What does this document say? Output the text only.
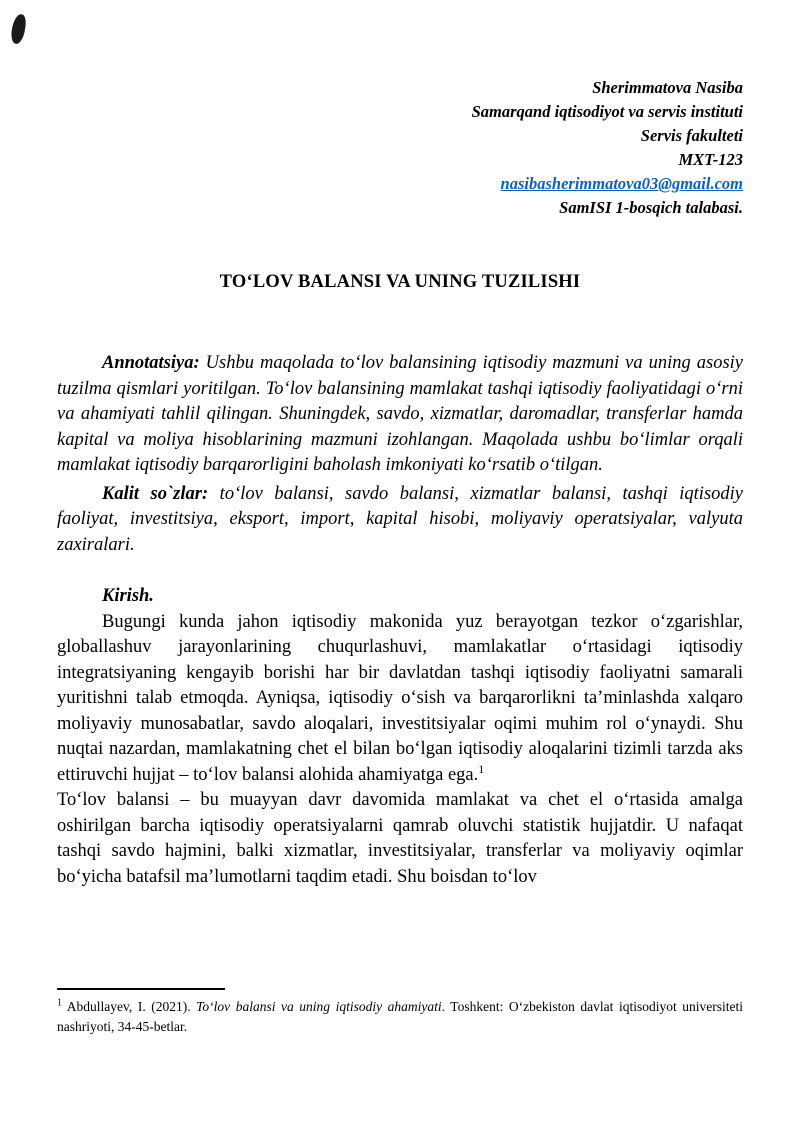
Sherimmatova Nasiba
Samarqand iqtisodiyot va servis instituti
Servis fakulteti
MXT-123
nasibasherimmatova03@gmail.com
SamISI 1-bosqich talabasi.
TO‘LOV BALANSI VA UNING TUZILISHI

Annotatsiya: Ushbu maqolada to‘lov balansining iqtisodiy mazmuni va uning asosiy tuzilma qismlari yoritilgan. To‘lov balansining mamlakat tashqi iqtisodiy faoliyatidagi o‘rni va ahamiyati tahlil qilingan. Shuningdek, savdo, xizmatlar, daromadlar, transferlar hamda kapital va moliya hisoblarining mazmuni izohlangan. Maqolada ushbu bo‘limlar orqali mamlakat iqtisodiy barqarorligini baholash imkoniyati ko‘rsatib o‘tilgan.

Kalit so`zlar: to‘lov balansi, savdo balansi, xizmatlar balansi, tashqi iqtisodiy faoliyat, investitsiya, eksport, import, kapital hisobi, moliyaviy operatsiyalar, valyuta zaxiralari.

Kirish.

Bugungi kunda jahon iqtisodiy makonida yuz berayotgan tezkor o‘zgarishlar, globallashuv jarayonlarining chuqurlashuvi, mamlakatlar o‘rtasidagi iqtisodiy integratsiyaning kengayib borishi har bir davlatdan tashqi iqtisodiy faoliyatni samarali yuritishni talab etmoqda. Ayniqsa, iqtisodiy o‘sish va barqarorlikni ta’minlashda xalqaro moliyaviy munosabatlar, savdo aloqalari, investitsiyalar oqimi muhim rol o‘ynaydi. Shu nuqtai nazardan, mamlakatning chet el bilan bo‘lgan iqtisodiy aloqalarini tizimli tarzda aks ettiruvchi hujjat – to‘lov balansi alohida ahamiyatga ega.$^1$

To‘lov balansi – bu muayyan davr davomida mamlakat va chet el o‘rtasida amalga oshirilgan barcha iqtisodiy operatsiyalarni qamrab oluvchi statistik hujjatdir. U nafaqat tashqi savdo hajmini, balki xizmatlar, investitsiyalar, transferlar va moliyaviy oqimlar bo‘yicha batafsil ma’lumotlarni taqdim etadi. Shu boisdan to‘lov

$^1$ Abdullayev, I. (2021). To‘lov balansi va uning iqtisodiy ahamiyati. Toshkent: O‘zbekiston davlat iqtisodiyot universiteti nashriyoti, 34-45-betlar.
